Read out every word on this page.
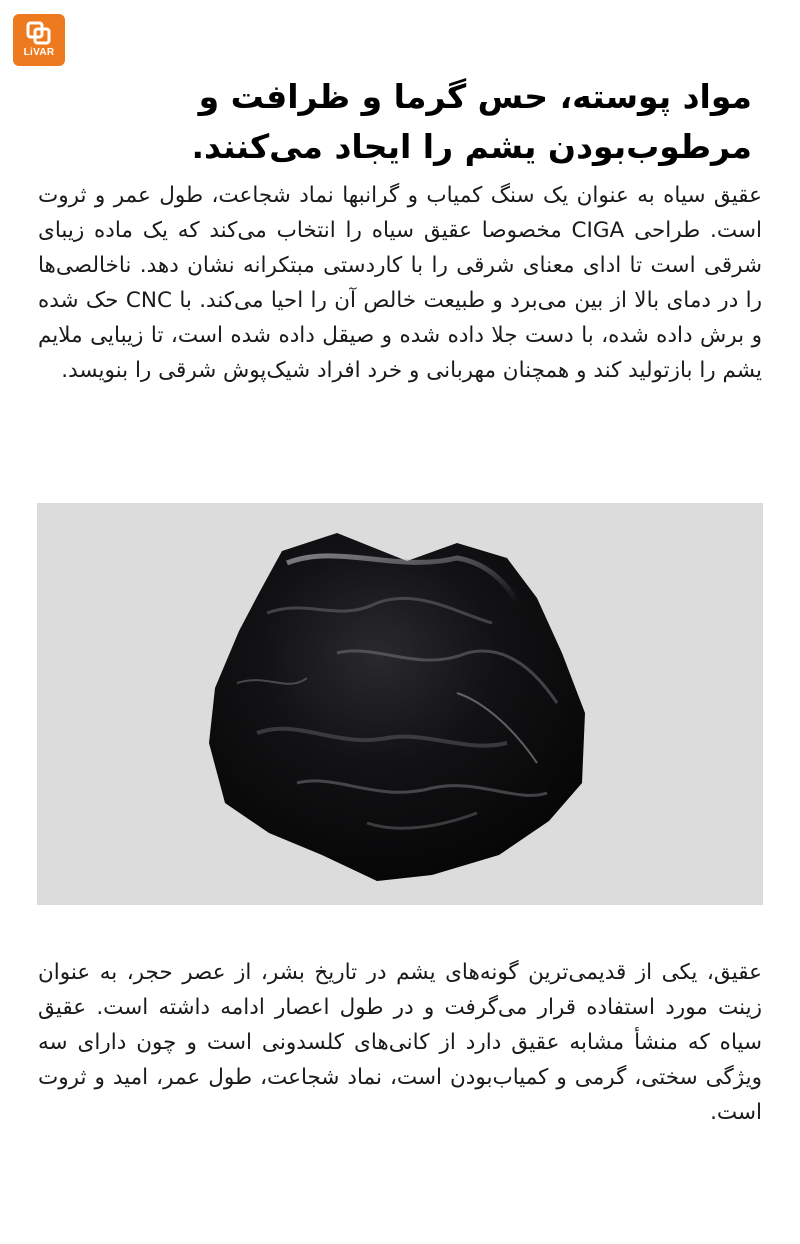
LiVAR
مواد پوسته، حس گرما و ظرافت و مرطوب‌بودن یشم را ایجاد می‌کنند.

عقیق سیاه به عنوان یک سنگ کمیاب و گرانبها نماد شجاعت، طول عمر و ثروت است. طراحی CIGA مخصوصا عقیق سیاه را انتخاب می‌کند که یک ماده زیبای شرقی است تا ادای معنای شرقی را با کاردستی مبتکرانه نشان دهد. ناخالصی‌ها را در دمای بالا از بین می‌برد و طبیعت خالص آن را احیا می‌کند. با CNC حک شده و برش داده شده، با دست جلا داده شده و صیقل داده شده است، تا زیبایی ملایم یشم را بازتولید کند و همچنان مهربانی و خرد افراد شیک‌پوش شرقی را بنویسد.

عقیق، یکی از قدیمی‌ترین گونه‌های یشم در تاریخ بشر، از عصر حجر، به عنوان زینت مورد استفاده قرار می‌گرفت و در طول اعصار ادامه داشته است. عقیق سیاه که منشأ مشابه عقیق دارد از کانی‌های کلسدونی است و چون دارای سه ویژگی سختی، گرمی و کمیاب‌بودن است، نماد شجاعت، طول عمر، امید و ثروت است.
